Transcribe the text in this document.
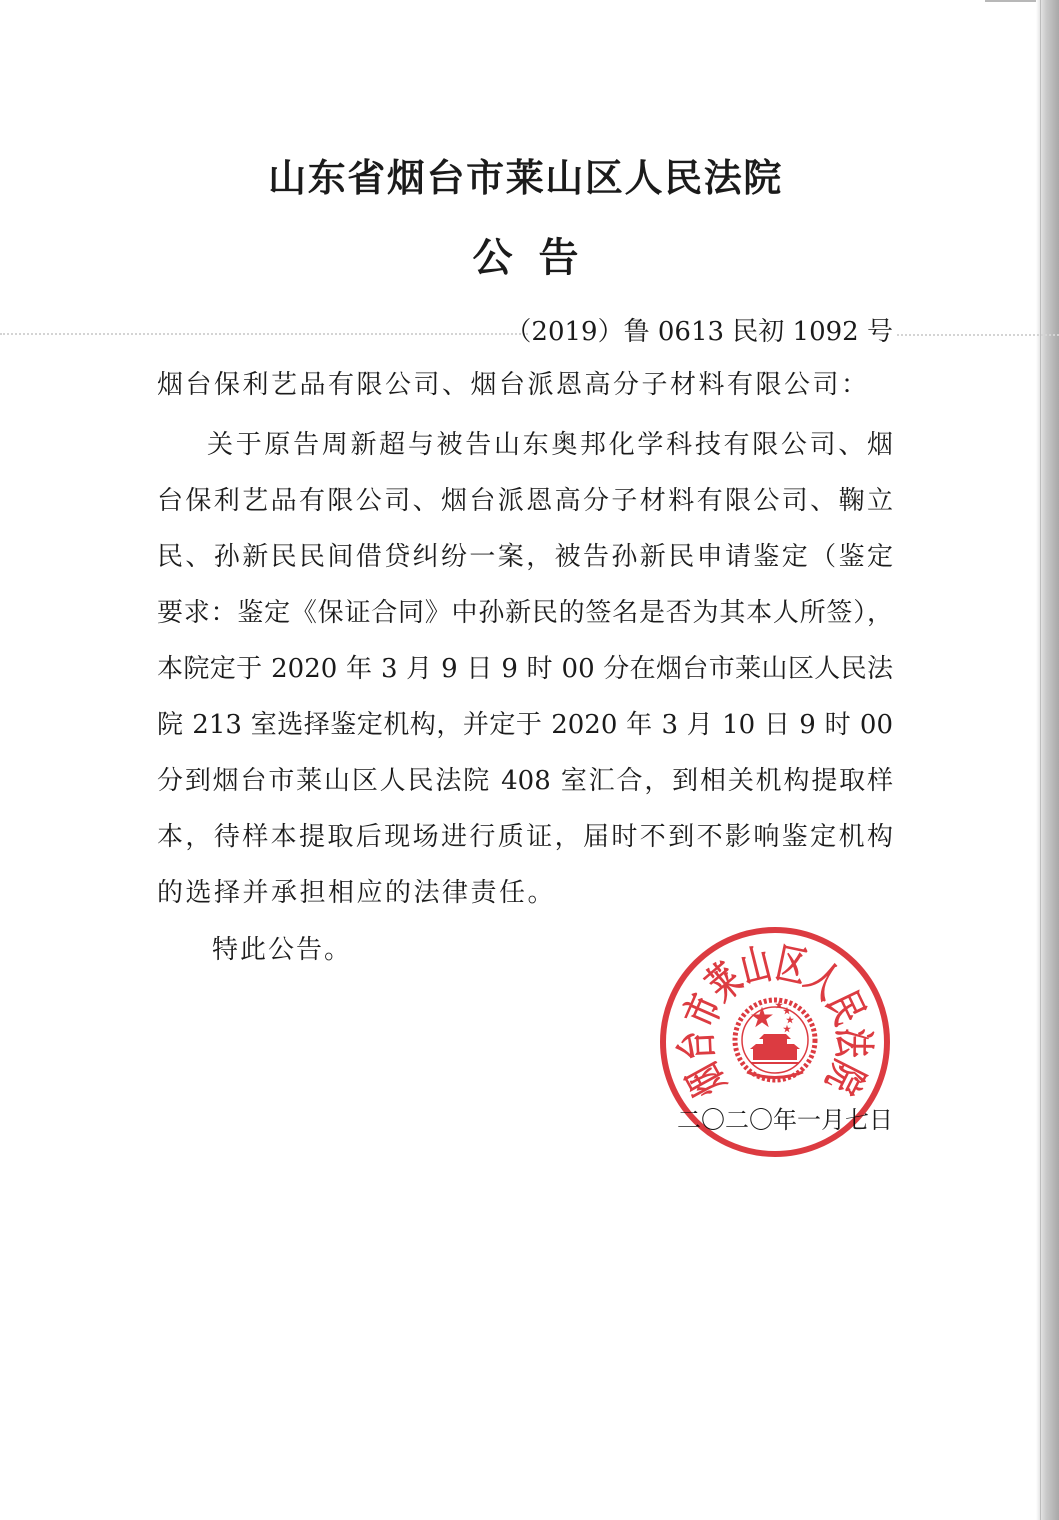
山东省烟台市莱山区人民法院
公 告
（2019）鲁 0613 民初 1092 号
烟台保利艺品有限公司、烟台派恩高分子材料有限公司：
关于原告周新超与被告山东奥邦化学科技有限公司、烟
台保利艺品有限公司、烟台派恩高分子材料有限公司、鞠立
民、孙新民民间借贷纠纷一案，被告孙新民申请鉴定（鉴定
要求：鉴定《保证合同》中孙新民的签名是否为其本人所签），
本院定于 2020 年 3 月 9 日 9 时 00 分在烟台市莱山区人民法
院 213 室选择鉴定机构，并定于 2020 年 3 月 10 日 9 时 00
分到烟台市莱山区人民法院 408 室汇合，到相关机构提取样
本，待样本提取后现场进行质证，届时不到不影响鉴定机构
的选择并承担相应的法律责任。
特此公告。
二〇二〇年一月七日
烟台市莱山区人民法院
